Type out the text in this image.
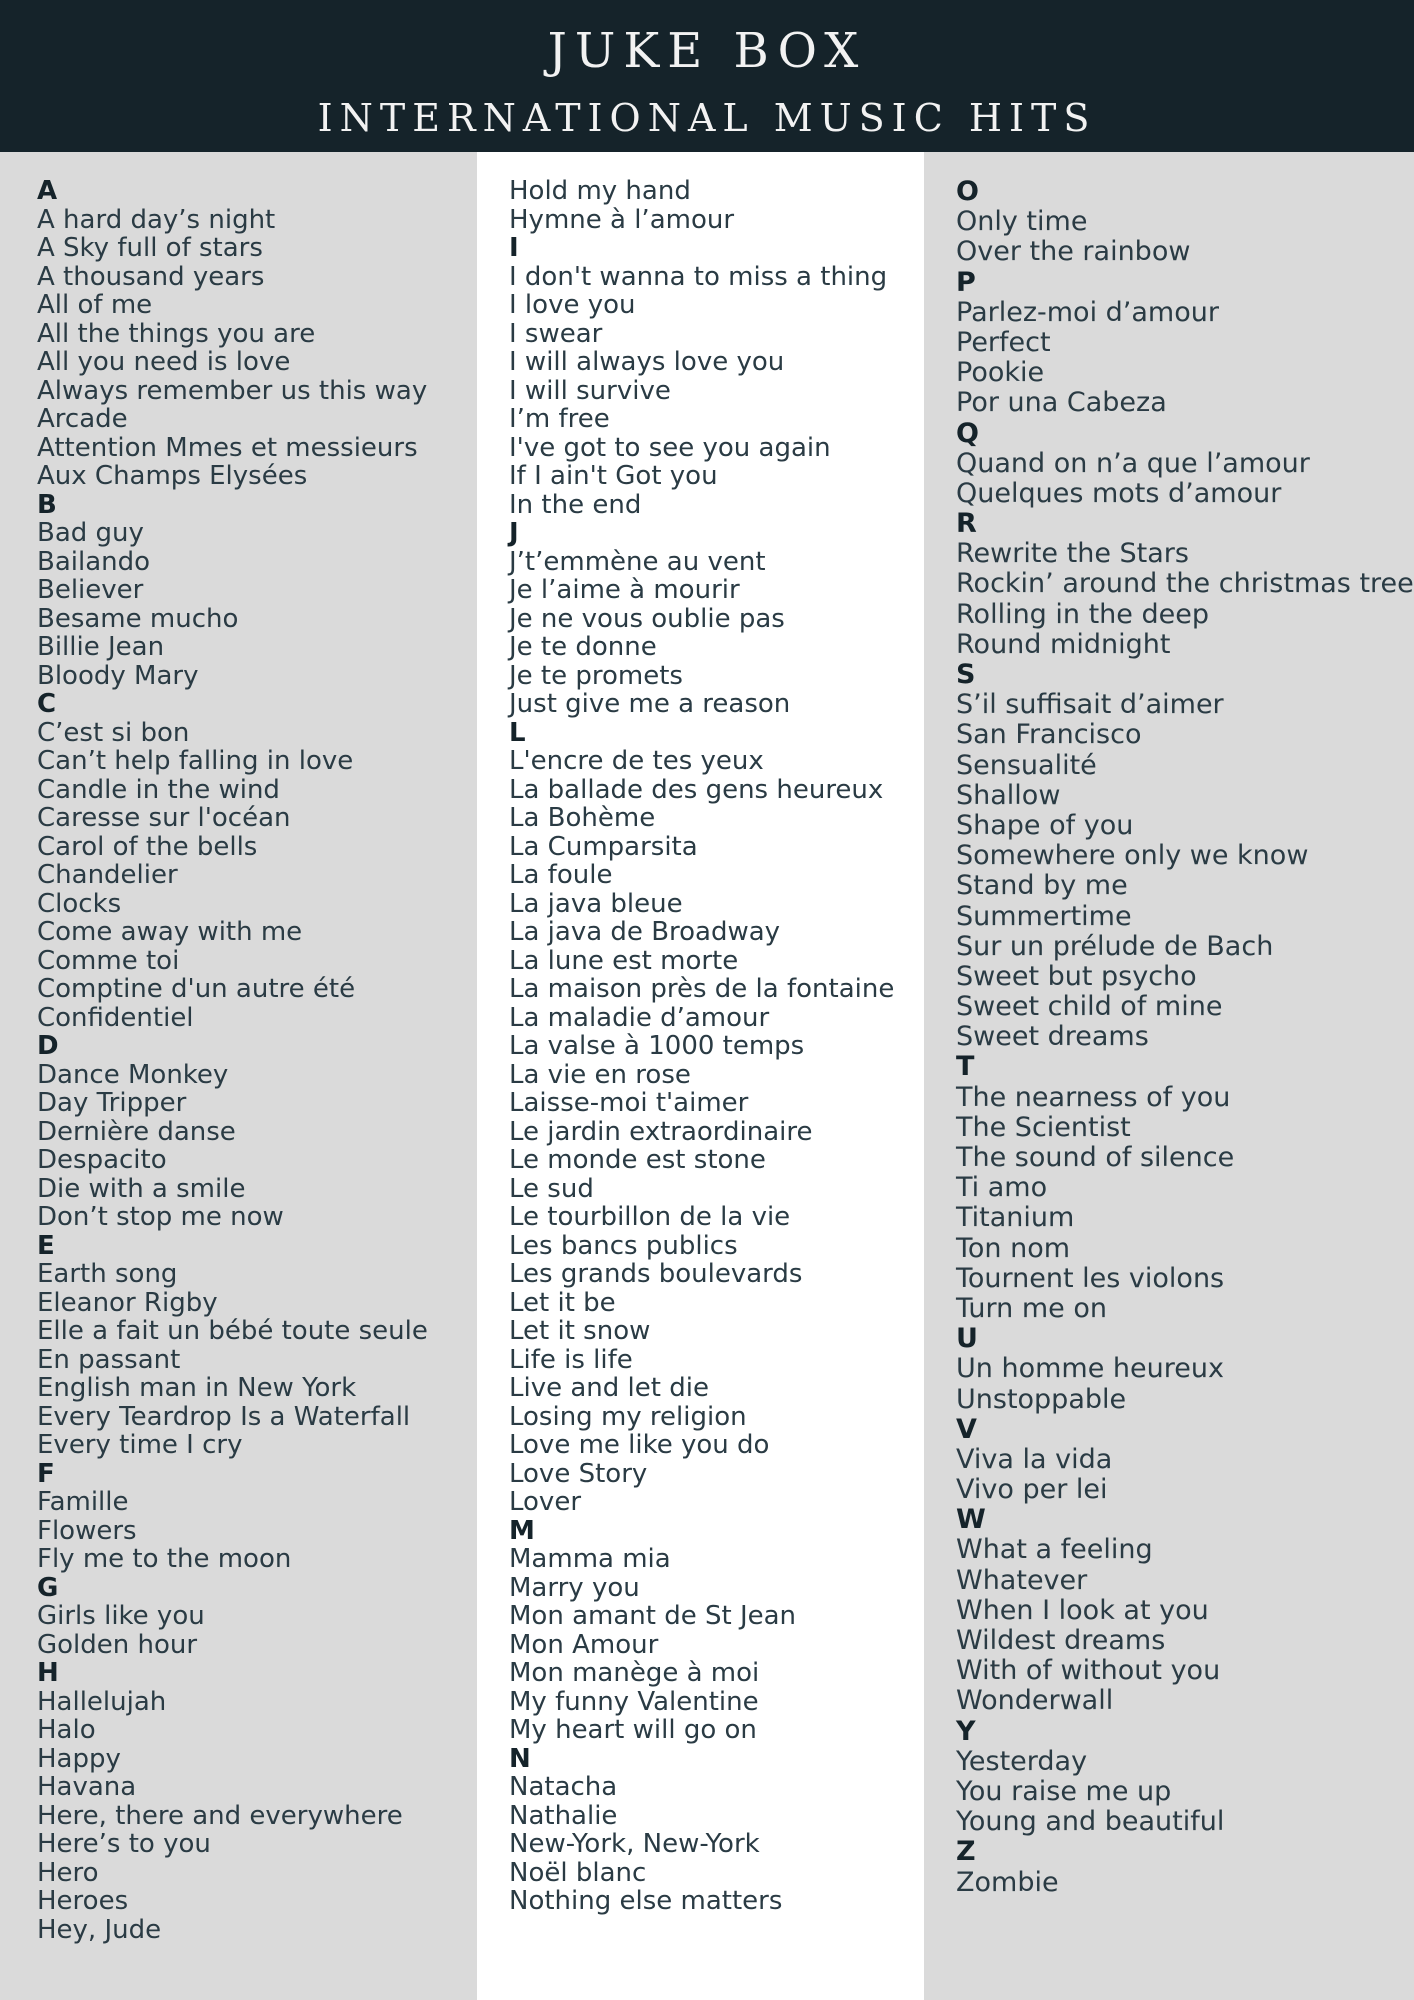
JUKE BOX
INTERNATIONAL MUSIC HITS
A
A hard day’s night
A Sky full of stars
A thousand years
All of me
All the things you are
All you need is love
Always remember us this way
Arcade
Attention Mmes et messieurs
Aux Champs Elysées
B
Bad guy
Bailando
Believer
Besame mucho
Billie Jean
Bloody Mary
C
C’est si bon
Can’t help falling in love
Candle in the wind
Caresse sur l'océan
Carol of the bells
Chandelier
Clocks
Come away with me
Comme toi
Comptine d'un autre été
Confidentiel
D
Dance Monkey
Day Tripper
Dernière danse
Despacito
Die with a smile
Don’t stop me now
E
Earth song
Eleanor Rigby
Elle a fait un bébé toute seule
En passant
English man in New York
Every Teardrop Is a Waterfall
Every time I cry
F
Famille
Flowers
Fly me to the moon
G
Girls like you
Golden hour
H
Hallelujah
Halo
Happy
Havana
Here, there and everywhere
Here’s to you
Hero
Heroes
Hey, Jude
Hold my hand
Hymne à l’amour
I
I don't wanna to miss a thing
I love you
I swear
I will always love you
I will survive
I’m free
I've got to see you again
If I ain't Got you
In the end
J
J’t’emmène au vent
Je l’aime à mourir
Je ne vous oublie pas
Je te donne
Je te promets
Just give me a reason
L
L'encre de tes yeux
La ballade des gens heureux
La Bohème
La Cumparsita
La foule
La java bleue
La java de Broadway
La lune est morte
La maison près de la fontaine
La maladie d’amour
La valse à 1000 temps
La vie en rose
Laisse-moi t'aimer
Le jardin extraordinaire
Le monde est stone
Le sud
Le tourbillon de la vie
Les bancs publics
Les grands boulevards
Let it be
Let it snow
Life is life
Live and let die
Losing my religion
Love me like you do
Love Story
Lover
M
Mamma mia
Marry you
Mon amant de St Jean
Mon Amour
Mon manège à moi
My funny Valentine
My heart will go on
N
Natacha
Nathalie
New-York, New-York
Noël blanc
Nothing else matters
O
Only time
Over the rainbow
P
Parlez-moi d’amour
Perfect
Pookie
Por una Cabeza
Q
Quand on n’a que l’amour
Quelques mots d’amour
R
Rewrite the Stars
Rockin’ around the christmas tree
Rolling in the deep
Round midnight
S
S’il suffisait d’aimer
San Francisco
Sensualité
Shallow
Shape of you
Somewhere only we know
Stand by me
Summertime
Sur un prélude de Bach
Sweet but psycho
Sweet child of mine
Sweet dreams
T
The nearness of you
The Scientist
The sound of silence
Ti amo
Titanium
Ton nom
Tournent les violons
Turn me on
U
Un homme heureux
Unstoppable
V
Viva la vida
Vivo per lei
W
What a feeling
Whatever
When I look at you
Wildest dreams
With of without you
Wonderwall
Y
Yesterday
You raise me up
Young and beautiful
Z
Zombie
